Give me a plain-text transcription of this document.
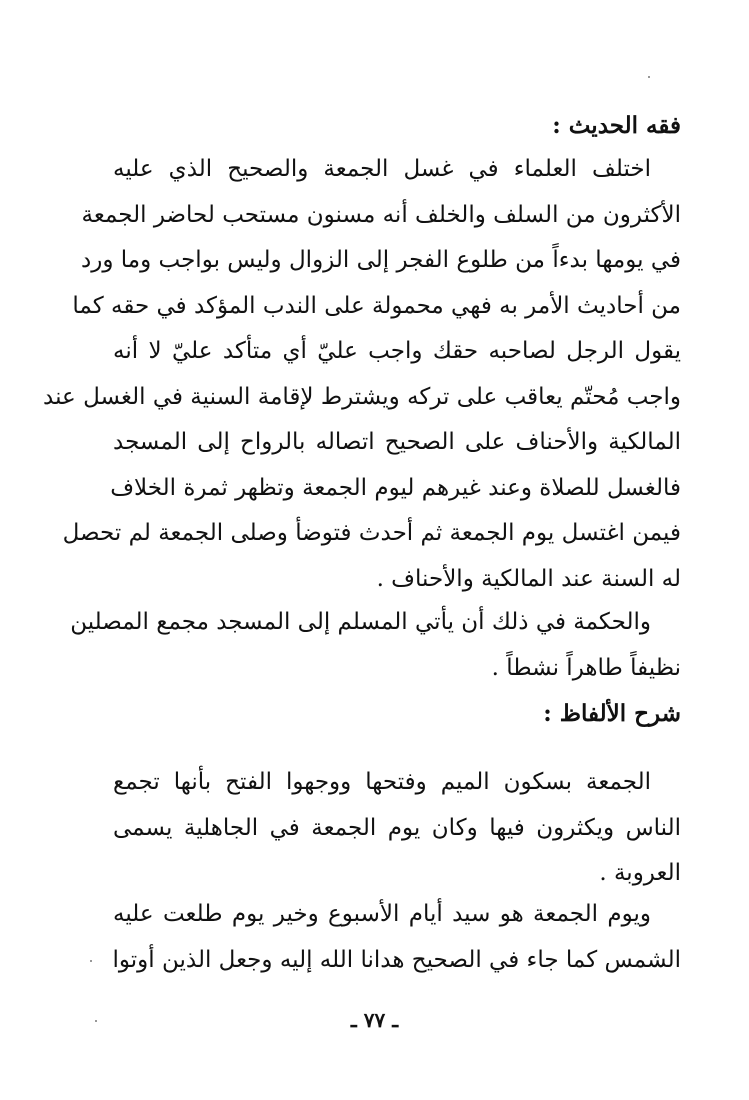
فقه الحديث :
اختلف العلماء في غسل الجمعة والصحيح الذي عليه
الأكثرون من السلف والخلف أنه مسنون مستحب لحاضر الجمعة
في يومها بدءاً من طلوع الفجر إلى الزوال وليس بواجب وما ورد
من أحاديث الأمر به فهي محمولة على الندب المؤكد في حقه كما
يقول الرجل لصاحبه حقك واجب عليّ أي متأكد عليّ لا أنه
واجب مُحتّم يعاقب على تركه ويشترط لإقامة السنية في الغسل عند
المالكية والأحناف على الصحيح اتصاله بالرواح إلى المسجد
فالغسل للصلاة وعند غيرهم ليوم الجمعة وتظهر ثمرة الخلاف
فيمن اغتسل يوم الجمعة ثم أحدث فتوضأ وصلى الجمعة لم تحصل
له السنة عند المالكية والأحناف .
والحكمة في ذلك أن يأتي المسلم إلى المسجد مجمع المصلين
نظيفاً طاهراً نشطاً .
شرح الألفاظ :
الجمعة بسكون الميم وفتحها ووجهوا الفتح بأنها تجمع
الناس ويكثرون فيها وكان يوم الجمعة في الجاهلية يسمى
العروبة .
ويوم الجمعة هو سيد أيام الأسبوع وخير يوم طلعت عليه
الشمس كما جاء في الصحيح هدانا الله إليه وجعل الذين أوتوا
ـ ٧٧ ـ
